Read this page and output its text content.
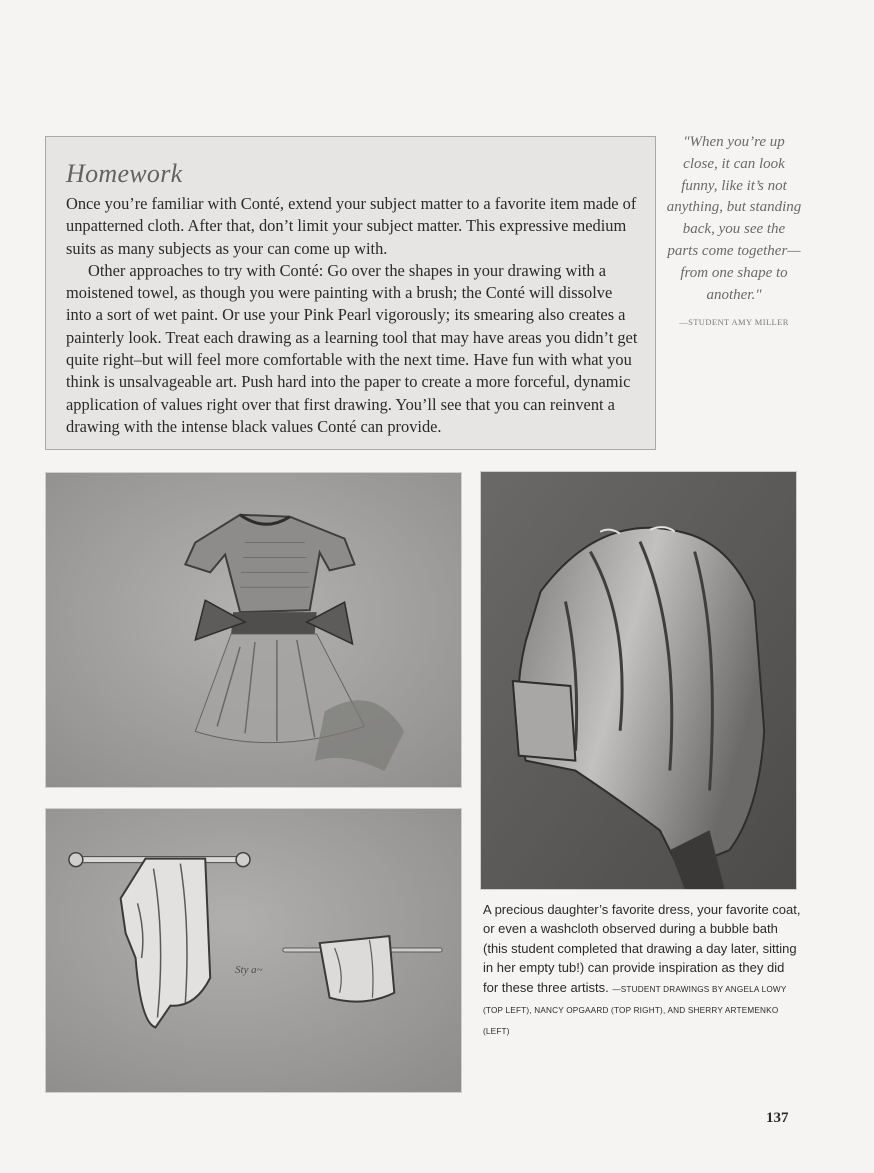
Homework

Once you’re familiar with Conté, extend your subject matter to a favorite item made of unpatterned cloth. After that, don’t limit your subject matter. This expressive medium suits as many subjects as your can come up with.

Other approaches to try with Conté: Go over the shapes in your drawing with a moistened towel, as though you were painting with a brush; the Conté will dissolve into a sort of wet paint. Or use your Pink Pearl vigorously; its smearing also creates a painterly look. Treat each drawing as a learning tool that may have areas you didn’t get quite right–but will feel more comfortable with the next time. Have fun with what you think is unsalvageable art. Push hard into the paper to create a more forceful, dynamic application of values right over that first drawing. You’ll see that you can reinvent a drawing with the intense black values Conté can provide.

"When you’re up close, it can look funny, like it’s not anything, but standing back, you see the parts come together— from one shape to another."

—STUDENT AMY MILLER
Sty a~
A precious daughter’s favorite dress, your favorite coat, or even a washcloth observed during a bubble bath (this student completed that drawing a day later, sitting in her empty tub!) can provide inspiration as they did for these three artists. —STUDENT DRAWINGS BY ANGELA LOWY (TOP LEFT), NANCY OPGAARD (TOP RIGHT), AND SHERRY ARTEMENKO (LEFT)

137
